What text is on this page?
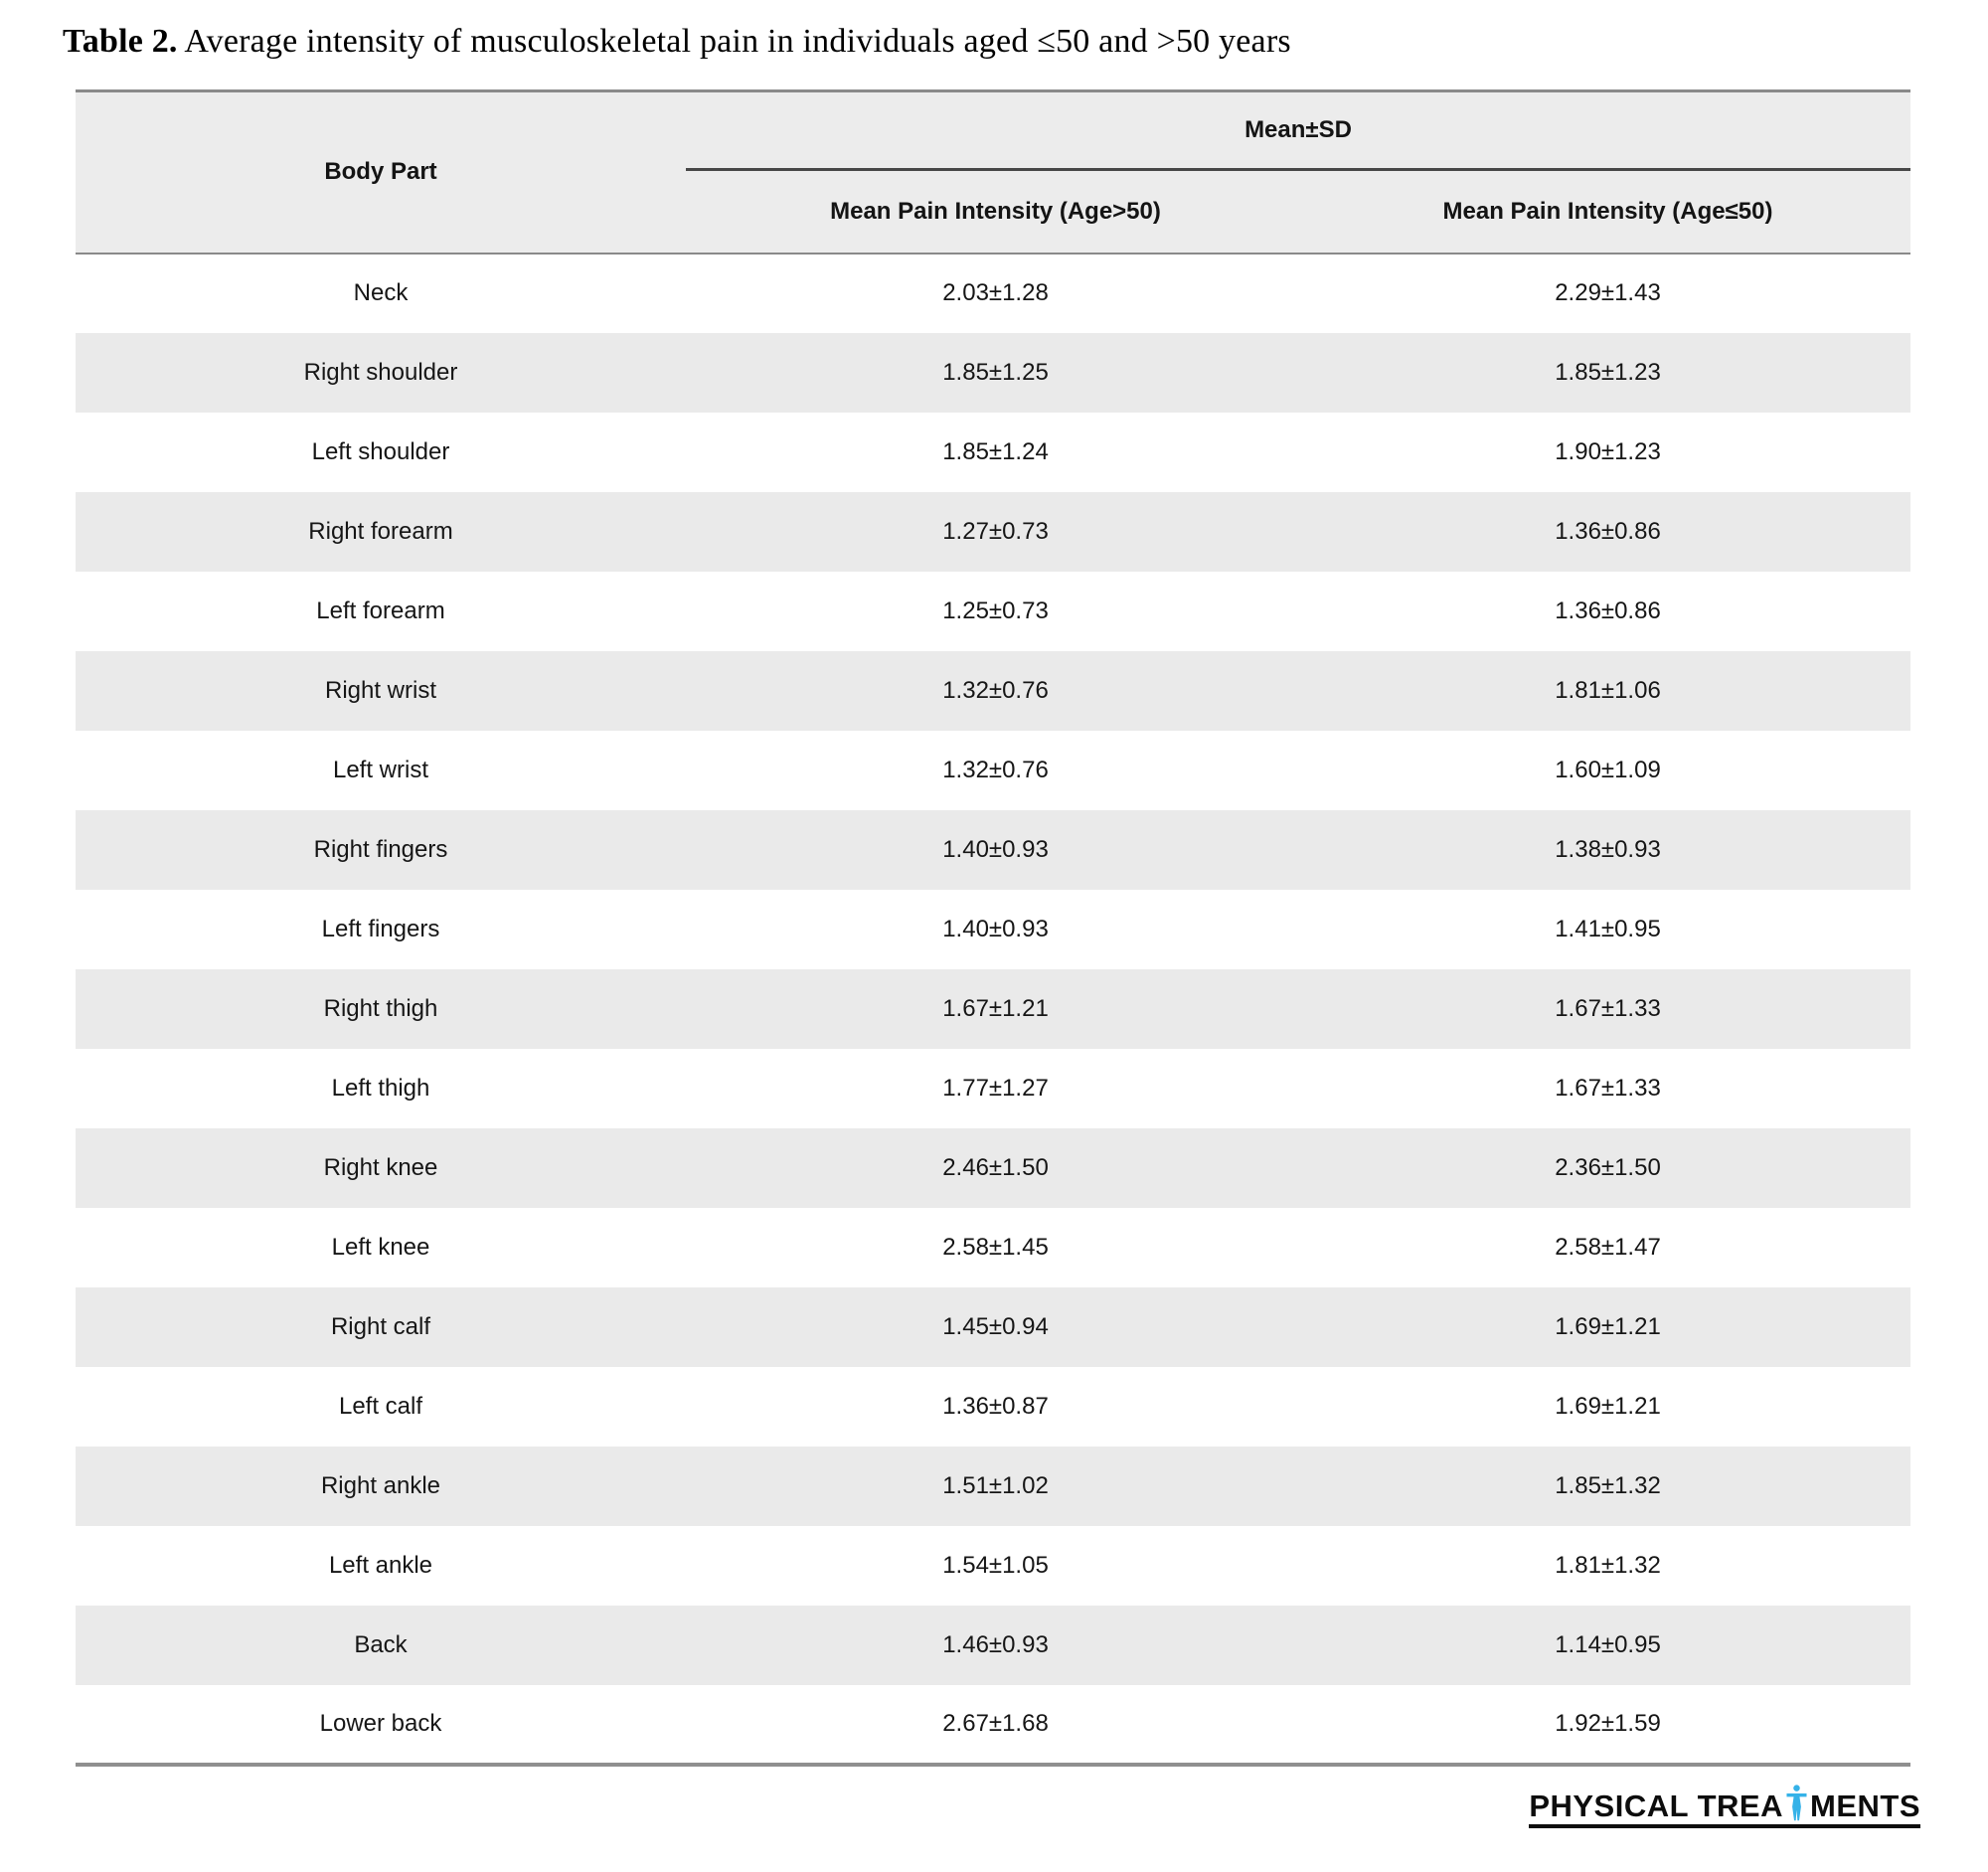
Table 2. Average intensity of musculoskeletal pain in individuals aged ≤50 and >50 years
Body Part	Mean±SD	
	Mean Pain Intensity (Age>50)	Mean Pain Intensity (Age≤50)
Neck	2.03±1.28	2.29±1.43
Right shoulder	1.85±1.25	1.85±1.23
Left shoulder	1.85±1.24	1.90±1.23
Right forearm	1.27±0.73	1.36±0.86
Left forearm	1.25±0.73	1.36±0.86
Right wrist	1.32±0.76	1.81±1.06
Left wrist	1.32±0.76	1.60±1.09
Right fingers	1.40±0.93	1.38±0.93
Left fingers	1.40±0.93	1.41±0.95
Right thigh	1.67±1.21	1.67±1.33
Left thigh	1.77±1.27	1.67±1.33
Right knee	2.46±1.50	2.36±1.50
Left knee	2.58±1.45	2.58±1.47
Right calf	1.45±0.94	1.69±1.21
Left calf	1.36±0.87	1.69±1.21
Right ankle	1.51±1.02	1.85±1.32
Left ankle	1.54±1.05	1.81±1.32
Back	1.46±0.93	1.14±0.95
Lower back	2.67±1.68	1.92±1.59
PHYSICAL TREA MENTS
